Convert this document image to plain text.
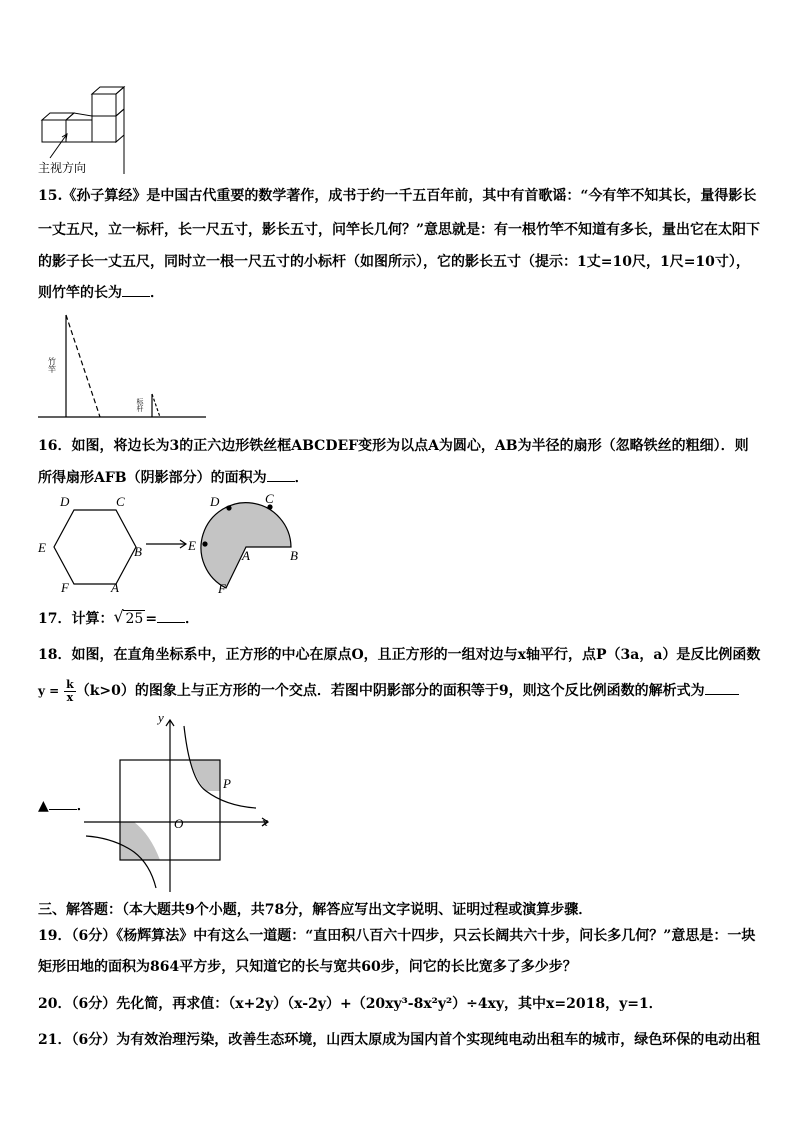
主视方向
15.《孙子算经》是中国古代重要的数学著作，成书于约一千五百年前，其中有首歌谣：“今有竿不知其长，量得影长
一丈五尺，立一标杆，长一尺五寸，影长五寸，问竿长几何？”意思就是：有一根竹竿不知道有多长，量出它在太阳下
的影子长一丈五尺，同时立一根一尺五寸的小标杆（如图所示），它的影长五寸（提示：1丈=10尺，1尺=10寸），
则竹竿的长为 ．
竹竿
标杆
16．如图，将边长为3的正六边形铁丝框ABCDEF变形为以点A为圆心，AB为半径的扇形（忽略铁丝的粗细）．则
所得扇形AFB（阴影部分）的面积为 ．
D	C
E	B
F	A
D	C
E
A	B
F
17．计算： √ 25 = ．
18．如图，在直角坐标系中，正方形的中心在原点O，且正方形的一组对边与x轴平行，点P（3a，a）是反比例函数
$y = \frac{k}{x} (k>0)$的图象上与正方形的一个交点．若图中阴影部分的面积等于9，则这个反比例函数的解析式为
y
x
O
P
▲ ．
三、解答题：（本大题共9个小题，共78分，解答应写出文字说明、证明过程或演算步骤．
19．（6分）《杨辉算法》中有这么一道题：“直田积八百六十四步，只云长阔共六十步，问长多几何？”意思是：一块
矩形田地的面积为864平方步，只知道它的长与宽共60步，问它的长比宽多了多少步？
20．（6分）先化简，再求值：（x+2y）（x-2y）+（20xy³-8x²y²）÷4xy，其中x=2018，y=1．
21．（6分）为有效治理污染，改善生态环境，山西太原成为国内首个实现纯电动出租车的城市，绿色环保的电动出租
